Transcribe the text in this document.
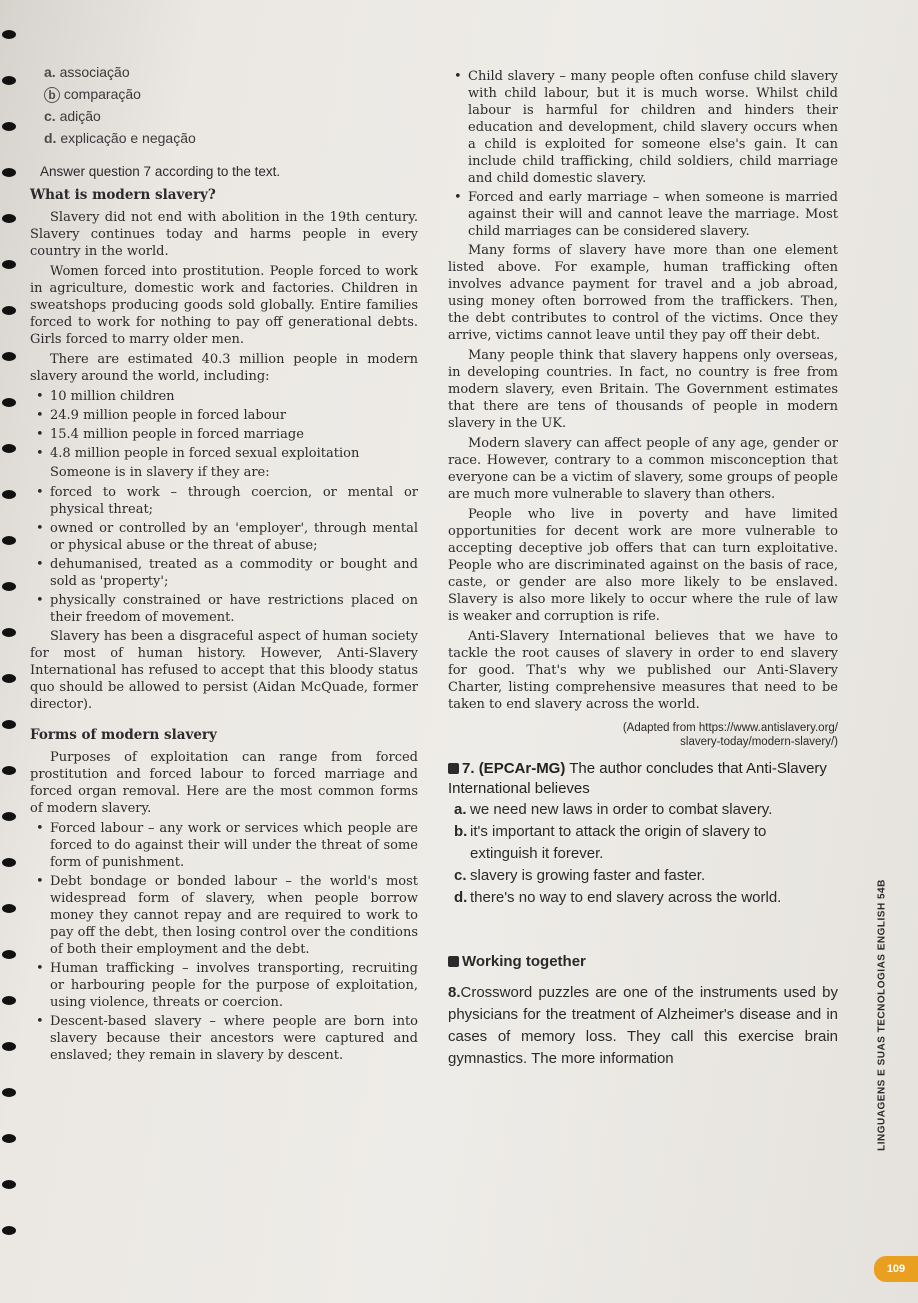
a. associação
b comparação
c. adição
d. explicação e negação
Answer question 7 according to the text.
What is modern slavery?

Slavery did not end with abolition in the 19th century. Slavery continues today and harms people in every country in the world.

Women forced into prostitution. People forced to work in agriculture, domestic work and factories. Children in sweatshops producing goods sold globally. Entire families forced to work for nothing to pay off generational debts. Girls forced to marry older men.

There are estimated 40.3 million people in modern slavery around the world, including:

• 10 million children
• 24.9 million people in forced labour
• 15.4 million people in forced marriage
• 4.8 million people in forced sexual exploitation

Someone is in slavery if they are:

• forced to work – through coercion, or mental or physical threat;
• owned or controlled by an 'employer', through mental or physical abuse or the threat of abuse;
• dehumanised, treated as a commodity or bought and sold as 'property';
• physically constrained or have restrictions placed on their freedom of movement.

Slavery has been a disgraceful aspect of human society for most of human history. However, Anti-Slavery International has refused to accept that this bloody status quo should be allowed to persist (Aidan McQuade, former director).

Forms of modern slavery

Purposes of exploitation can range from forced prostitution and forced labour to forced marriage and forced organ removal. Here are the most common forms of modern slavery.

• Forced labour – any work or services which people are forced to do against their will under the threat of some form of punishment.
• Debt bondage or bonded labour – the world's most widespread form of slavery, when people borrow money they cannot repay and are required to work to pay off the debt, then losing control over the conditions of both their employment and the debt.
• Human trafficking – involves transporting, recruiting or harbouring people for the purpose of exploitation, using violence, threats or coercion.
• Descent-based slavery – where people are born into slavery because their ancestors were captured and enslaved; they remain in slavery by descent.
• Child slavery – many people often confuse child slavery with child labour, but it is much worse. Whilst child labour is harmful for children and hinders their education and development, child slavery occurs when a child is exploited for someone else's gain. It can include child trafficking, child soldiers, child marriage and child domestic slavery.
• Forced and early marriage – when someone is married against their will and cannot leave the marriage. Most child marriages can be considered slavery.

Many forms of slavery have more than one element listed above. For example, human trafficking often involves advance payment for travel and a job abroad, using money often borrowed from the traffickers. Then, the debt contributes to control of the victims. Once they arrive, victims cannot leave until they pay off their debt.

Many people think that slavery happens only overseas, in developing countries. In fact, no country is free from modern slavery, even Britain. The Government estimates that there are tens of thousands of people in modern slavery in the UK.

Modern slavery can affect people of any age, gender or race. However, contrary to a common misconception that everyone can be a victim of slavery, some groups of people are much more vulnerable to slavery than others.

People who live in poverty and have limited opportunities for decent work are more vulnerable to accepting deceptive job offers that can turn exploitative. People who are discriminated against on the basis of race, caste, or gender are also more likely to be enslaved. Slavery is also more likely to occur where the rule of law is weaker and corruption is rife.

Anti-Slavery International believes that we have to tackle the root causes of slavery in order to end slavery for good. That's why we published our Anti-Slavery Charter, listing comprehensive measures that need to be taken to end slavery across the world.

(Adapted from https://www.antislavery.org/
slavery-today/modern-slavery/)
7. (EPCAr-MG) The author concludes that Anti-Slavery International believes
a. we need new laws in order to combat slavery.
b. it's important to attack the origin of slavery to extinguish it forever.
c. slavery is growing faster and faster.
d. there's no way to end slavery across the world.
Working together
8.Crossword puzzles are one of the instruments used by physicians for the treatment of Alzheimer's disease and in cases of memory loss. They call this exercise brain gymnastics. The more information	LINGUAGENS E SUAS TECNOLOGIAS ENGLISH 54B
109
